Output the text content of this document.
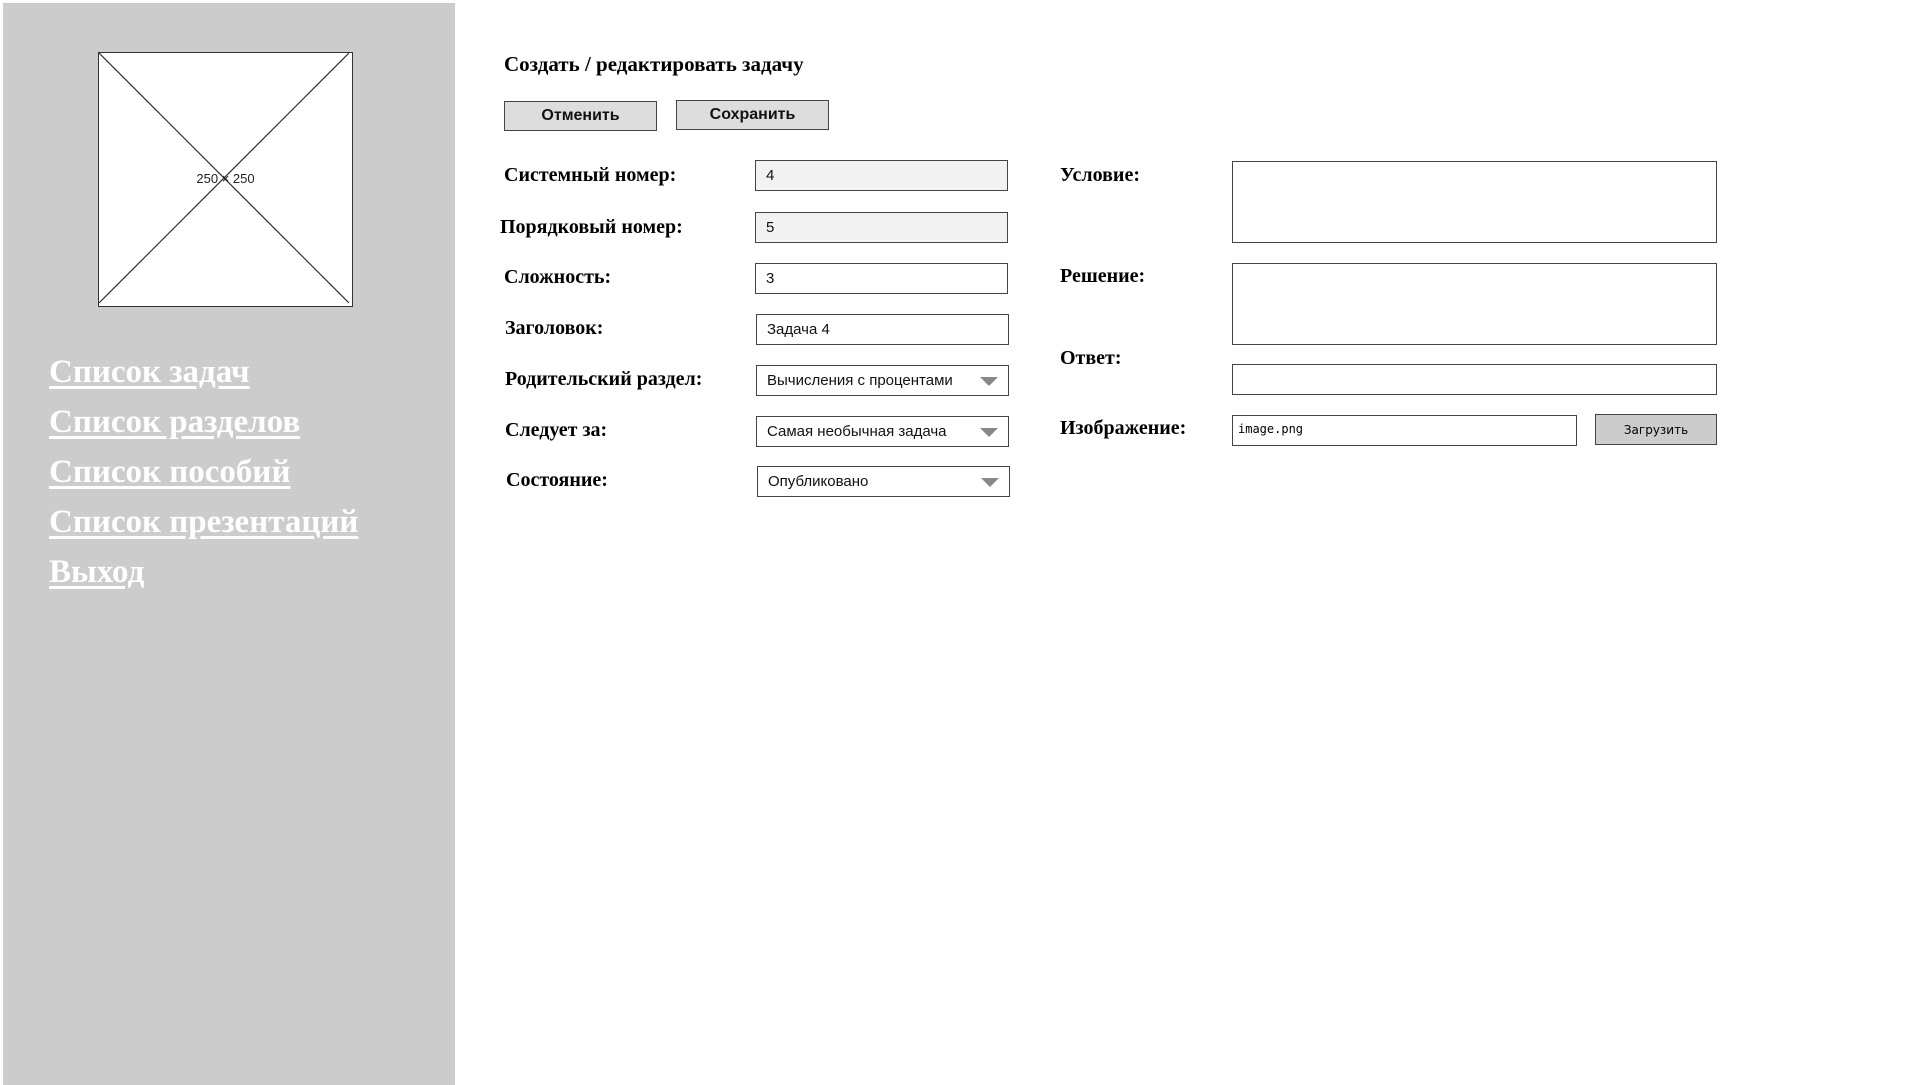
250 × 250
Список задач
Список разделов
Список пособий
Список презентаций
Выход
Создать / редактировать задачу
Отменить	Сохранить
Системный номер:	4
Порядковый номер:	5
Сложность:	3
Заголовок:	Задача 4
Родительский раздел:	Вычисления с процентами
Следует за:	Самая необычная задача
Состояние:	Опубликовано
Условие:
Решение:
Ответ:
Изображение:	image.png	Загрузить
